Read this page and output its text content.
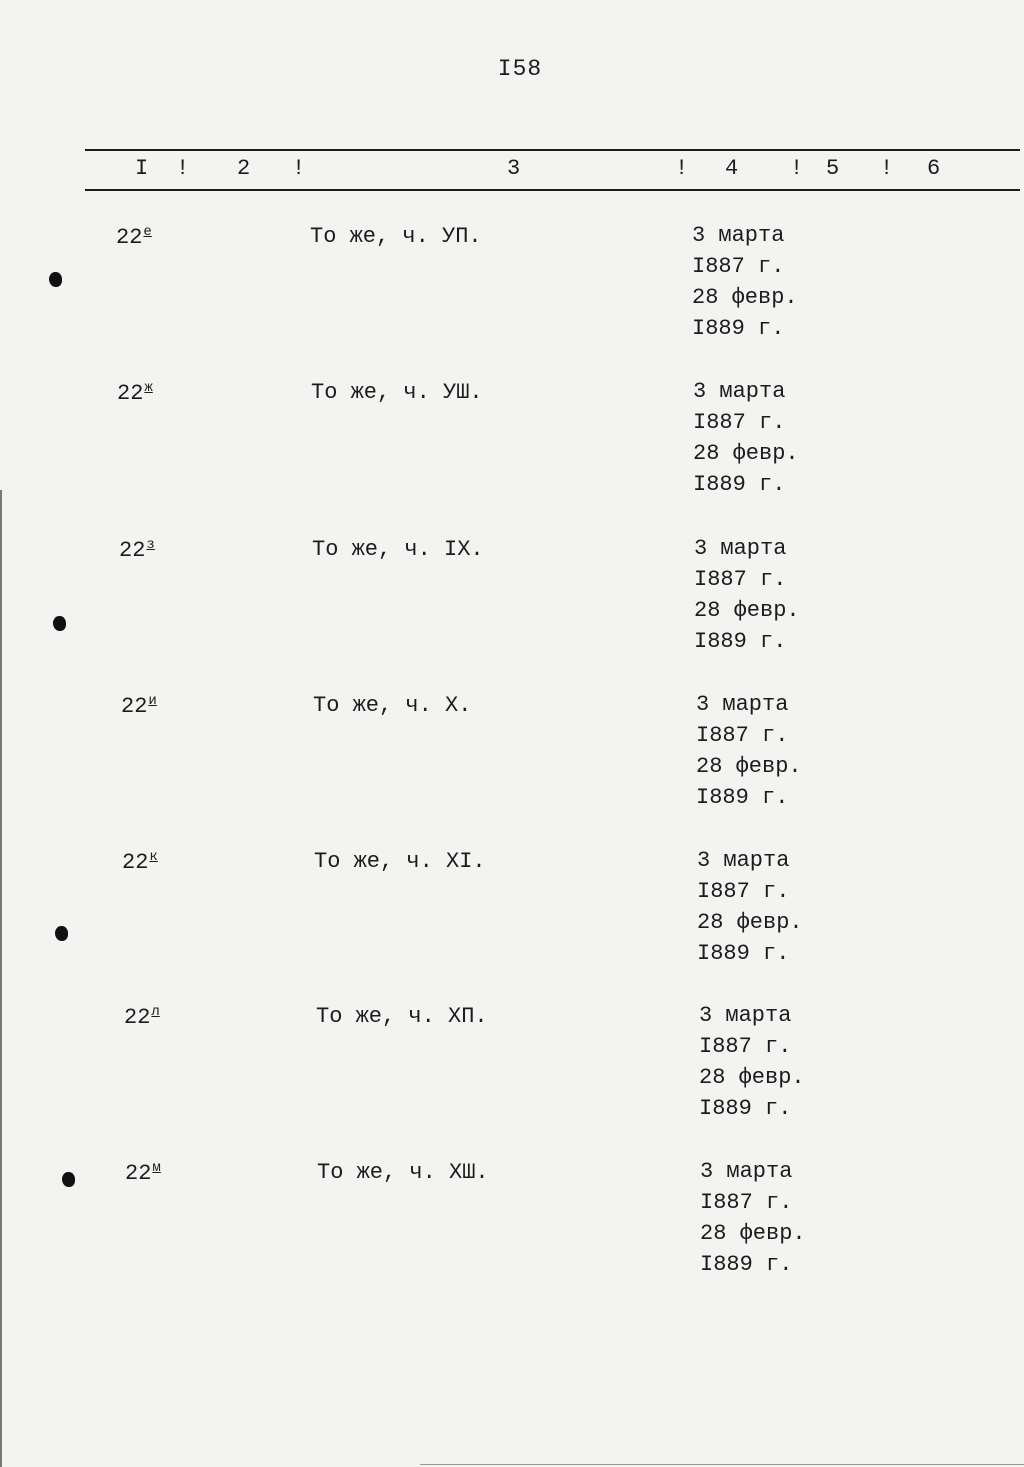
I58
I ! 2 !	3	! 4 ! 5 ! 6
$22^е$	То же, ч. УП.	3 марта
I887 г.
28 февр.
I889 г.
$22^ж$	То же, ч. УШ.	3 марта
I887 г.
28 февр.
I889 г.
$22^з$	То же, ч. IX.	3 марта
I887 г.
28 февр.
I889 г.
$22^и$	То же, ч. X.	3 марта
I887 г.
28 февр.
I889 г.
$22^к$	То же, ч. XI.	3 марта
I887 г.
28 февр.
I889 г.
$22^л$	То же, ч. XП.	3 марта
I887 г.
28 февр.
I889 г.
$22^м$	То же, ч. XШ.	3 марта
I887 г.
28 февр.
I889 г.
